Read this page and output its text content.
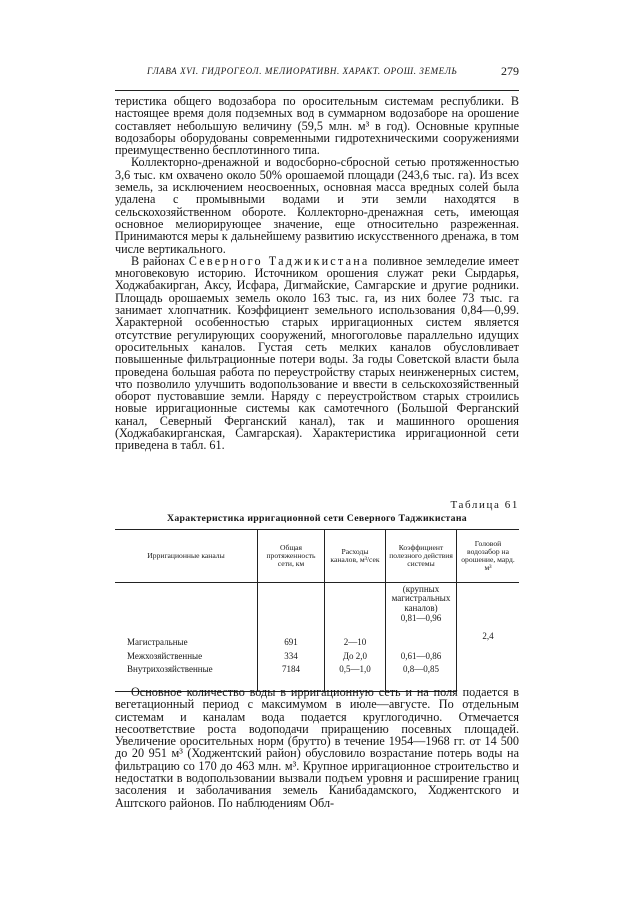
ГЛАВА XVI. ГИДРОГЕОЛ. МЕЛИОРАТИВН. ХАРАКТ. ОРОШ. ЗЕМЕЛЬ	279

теристика общего водозабора по оросительным системам республики. В настоящее время доля подземных вод в суммарном водозаборе на орошение составляет небольшую величину (59,5 млн. м³ в год). Основные крупные водозаборы оборудованы современными гидротехническими сооружениями преимущественно бесплотинного типа.

Коллекторно-дренажной и водосборно-сбросной сетью протяженностью 3,6 тыс. км охвачено около 50% орошаемой площади (243,6 тыс. га). Из всех земель, за исключением неосвоенных, основная масса вредных солей была удалена с промывными водами и эти земли находятся в сельскохозяйственном обороте. Коллекторно-дренажная сеть, имеющая основное мелиорирующее значение, еще относительно разреженная. Принимаются меры к дальнейшему развитию искусственного дренажа, в том числе вертикального.

В районах Северного Таджикистана поливное земледелие имеет многовековую историю. Источником орошения служат реки Сырдарья, Ходжабакирган, Аксу, Исфара, Дигмайские, Самгарские и другие родники. Площадь орошаемых земель около 163 тыс. га, из них более 73 тыс. га занимает хлопчатник. Коэффициент земельного использования 0,84—0,99. Характерной особенностью старых ирригационных систем является отсутствие регулирующих сооружений, многоголовье параллельно идущих оросительных каналов. Густая сеть мелких каналов обусловливает повышенные фильтрационные потери воды. За годы Советской власти была проведена большая работа по переустройству старых неинженерных систем, что позволило улучшить водопользование и ввести в сельскохозяйственный оборот пустовавшие земли. Наряду с переустройством старых строились новые ирригационные системы как самотечного (Большой Ферганский канал, Северный Ферганский канал), так и машинного орошения (Ходжабакирганская, Самгарская). Характеристика ирригационной сети приведена в табл. 61.

Таблица 61
Характеристика ирригационной сети Северного Таджикистана
Ирригационные каналы	Общая протяженность сети, км	Расходы каналов, м³/сек	Коэффициент полезного действия системы	Головой водозабор на орошение, мард. м³
Магистральные	691	2—10	
(крупных магистральных каналов)
0,81—0,96	2,4
Межхозяйственные	334	До 2,0	0,61—0,86
Внутрихозяйственные	7184	0,5—1,0	0,8—0,85

Основное количество воды в ирригационную сеть и на поля подается в вегетационный период с максимумом в июле—августе. По отдельным системам и каналам вода подается круглогодично. Отмечается несоответствие роста водоподачи приращению посевных площадей. Увеличение оросительных норм (брутто) в течение 1954—1968 гг. от 14 500 до 20 951 м³ (Ходжентский район) обусловило возрастание потерь воды на фильтрацию со 170 до 463 млн. м³. Крупное ирригационное строительство и недостатки в водопользовании вызвали подъем уровня и расширение границ засоления и заболачивания земель Канибадамского, Ходжентского и Аштского районов. По наблюдениям Обл-
